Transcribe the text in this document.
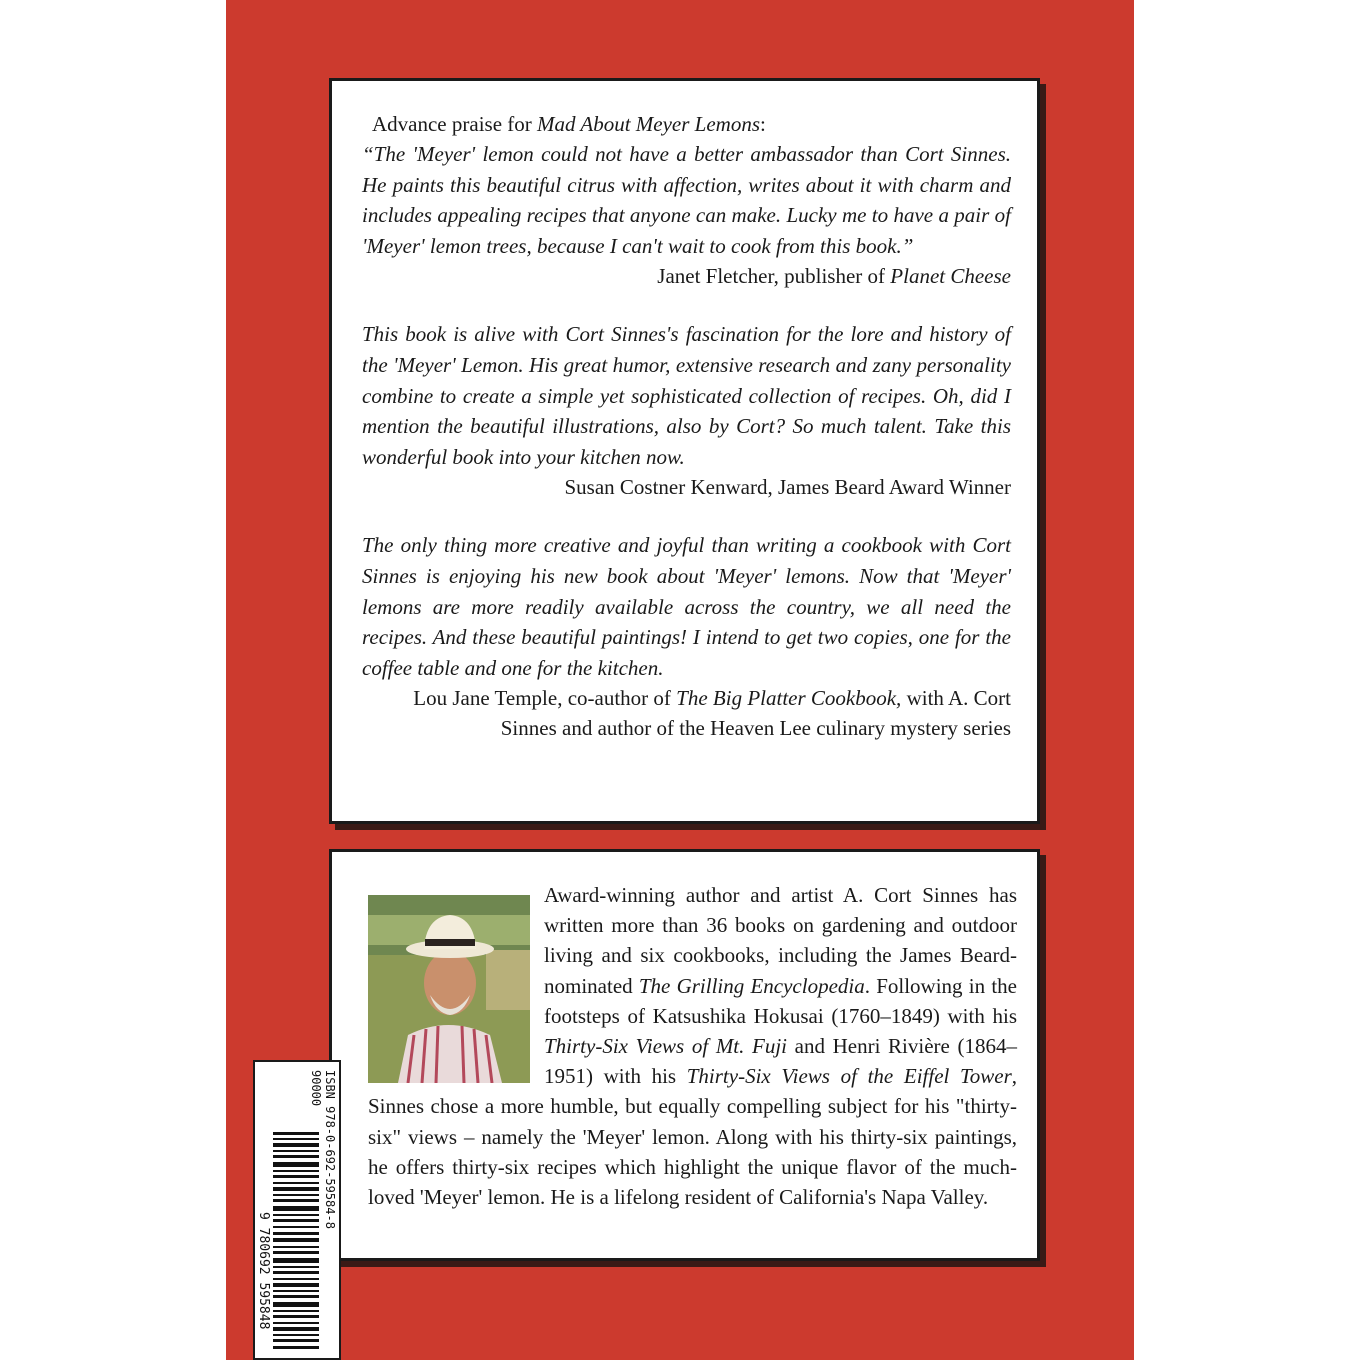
Advance praise for Mad About Meyer Lemons:

“The 'Meyer' lemon could not have a better ambassador than Cort Sinnes. He paints this beautiful citrus with affection, writes about it with charm and includes appealing recipes that anyone can make. Lucky me to have a pair of 'Meyer' lemon trees, because I can't wait to cook from this book.”

Janet Fletcher, publisher of Planet Cheese

This book is alive with Cort Sinnes's fascination for the lore and history of the 'Meyer' Lemon. His great humor, extensive research and zany personality combine to create a simple yet sophisticated collection of recipes. Oh, did I mention the beautiful illustrations, also by Cort? So much talent. Take this wonderful book into your kitchen now.

Susan Costner Kenward, James Beard Award Winner

The only thing more creative and joyful than writing a cookbook with Cort Sinnes is enjoying his new book about 'Meyer' lemons. Now that 'Meyer' lemons are more readily available across the country, we all need the recipes. And these beautiful paintings! I intend to get two copies, one for the coffee table and one for the kitchen.

Lou Jane Temple, co-author of The Big Platter Cookbook, with A. Cort Sinnes and author of the Heaven Lee culinary mystery series

Award-winning author and artist A. Cort Sinnes has written more than 36 books on gardening and outdoor living and six cookbooks, including the James Beard-nominated The Grilling Encyclopedia. Following in the footsteps of Katsushika Hokusai (1760–1849) with his Thirty-Six Views of Mt. Fuji and Henri Rivière (1864–1951) with his Thirty-Six Views of the Eiffel Tower, Sinnes chose a more humble, but equally compelling subject for his "thirty-six" views – namely the 'Meyer' lemon. Along with his thirty-six paintings, he offers thirty-six recipes which highlight the unique flavor of the much-loved 'Meyer' lemon. He is a lifelong resident of California's Napa Valley.

ISBN 978-0-692-59584-8
90000
9 780692 595848
